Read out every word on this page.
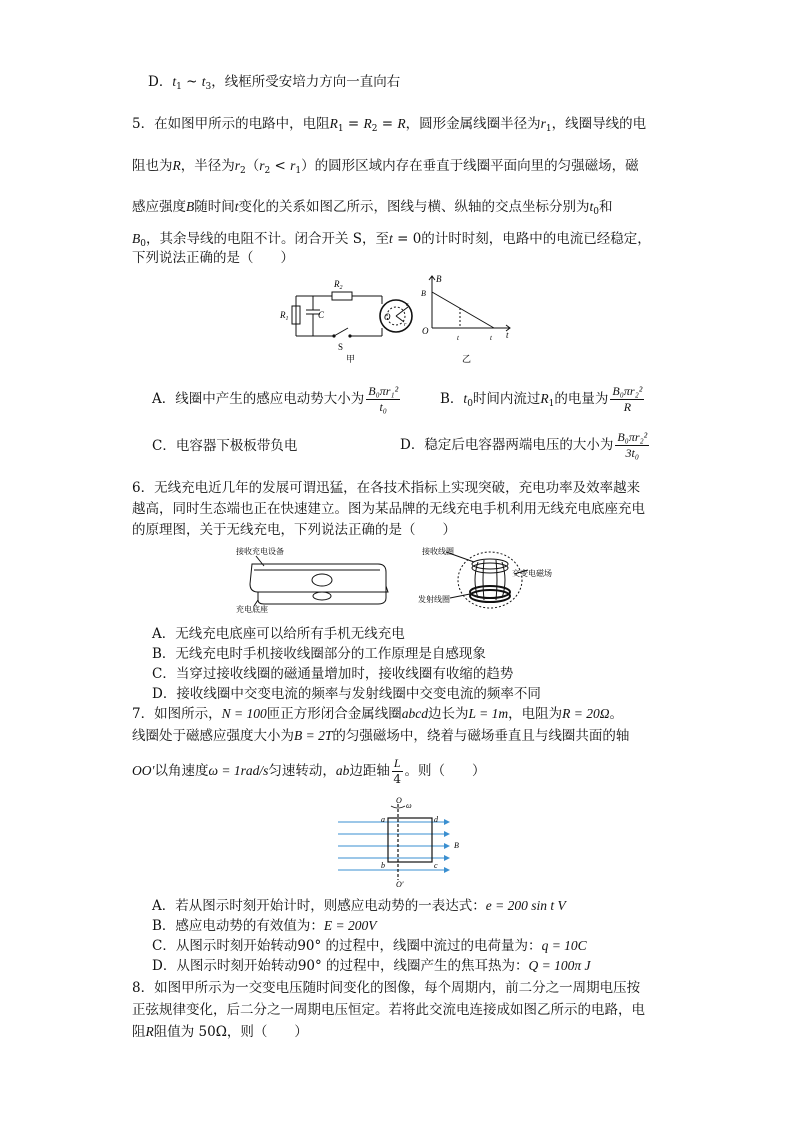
D．$t_1$ ~ $t_3$，线框所受安培力方向一直向右
5．在如图甲所示的电路中，电阻$R_1 = R_2 = R$，圆形金属线圈半径为$r_1$，线圈导线的电
阻也为R，半径为$r_2(r_2 < r_1)$的圆形区域内存在垂直于线圈平面向里的匀强磁场，磁
感应强度B随时间t变化的关系如图乙所示，图线与横、纵轴的交点坐标分别为$t_0$和
$B_0$，其余导线的电阻不计。闭合开关 S，至t = 0的计时时刻，电路中的电流已经稳定，
下列说法正确的是（　　）
$R_2$
$R_1$	C
S
O
r
r
甲
B
B
O
t	t t
乙
A．线圈中产生的感应电动势大小为 $\frac{\text{B₀πr₁²}}{\text{t₀}}$	B．$t_0$时间内流过$R_1$的电量为 $\frac{\text{B₀πr₂²}}{R}$
C．电容器下极板带负电	D．稳定后电容器两端电压的大小为 $\frac{\text{B₀πr₂²}}{\text{3t₀}}$
6．无线充电近几年的发展可谓迅猛，在各技术指标上实现突破，充电功率及效率越来
越高，同时生态端也正在快速建立。图为某品牌的无线充电手机利用无线充电底座充电
的原理图，关于无线充电，下列说法正确的是（　　）
接收充电设备
充电底座
接收线圈
交变电磁场
发射线圈
A．无线充电底座可以给所有手机无线充电
B．无线充电时手机接收线圈部分的工作原理是自感现象
C．当穿过接收线圈的磁通量增加时，接收线圈有收缩的趋势
D．接收线圈中交变电流的频率与发射线圈中交变电流的频率不同
7．如图所示，N = 100匝正方形闭合金属线圈abcd边长为L = 1m，电阻为R = 20Ω。
线圈处于磁感应强度大小为B = 2T的匀强磁场中，绕着与磁场垂直且与线圈共面的轴
OO′以角速度ω = 1rad/s匀速转动，ab边距轴 $\frac{L}{4}$ 。则（　　）
O
ω
a	d
b	c
B
O′
A．若从图示时刻开始计时，则感应电动势的一表达式：e = 200 sin t V
B．感应电动势的有效值为：E = 200V
C．从图示时刻开始转动90° 的过程中，线圈中流过的电荷量为：q = 10C
D．从图示时刻开始转动90° 的过程中，线圈产生的焦耳热为：Q = 100π J
8．如图甲所示为一交变电压随时间变化的图像，每个周期内，前二分之一周期电压按
正弦规律变化，后二分之一周期电压恒定。若将此交流电连接成如图乙所示的电路，电
阻R阻值为 50Ω，则（　　）
